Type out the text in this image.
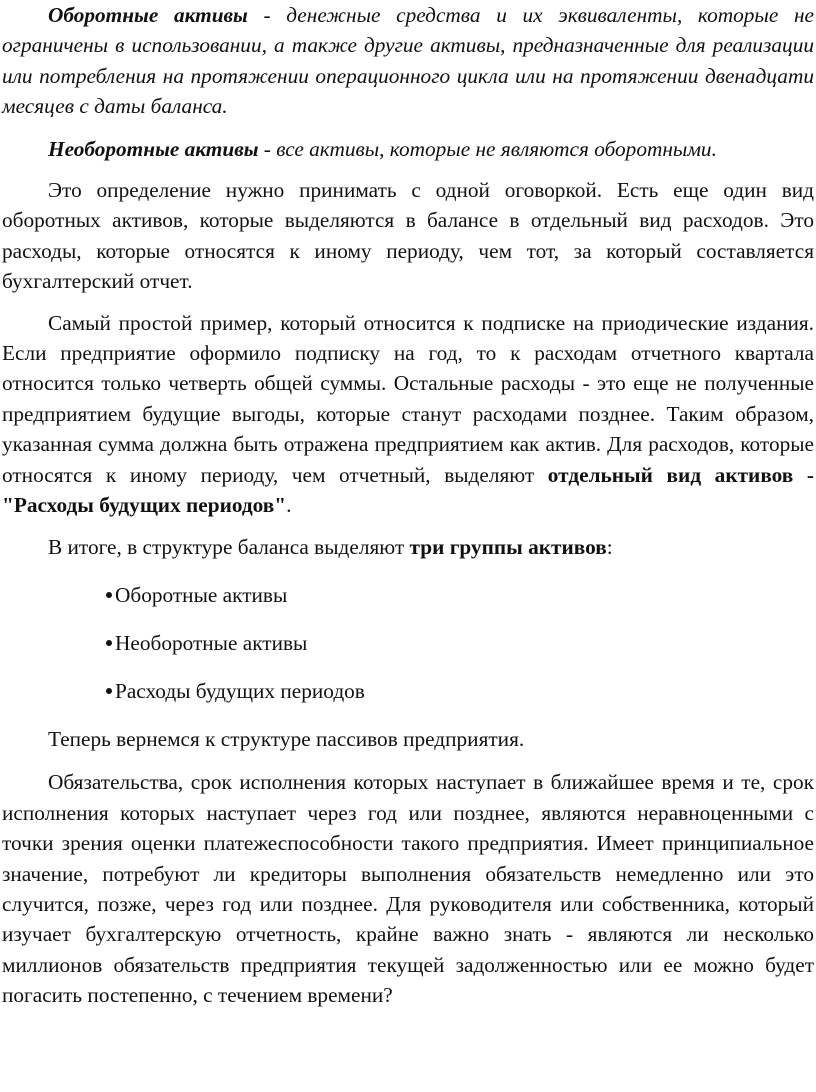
Оборотные активы - денежные средства и их эквиваленты, которые не ограничены в использовании, а также другие активы, предназначенные для реализации или потребления на протяжении операционного цикла или на протяжении двенадцати месяцев с даты баланса.

Необоротные активы - все активы, которые не являются оборотными.

Это определение нужно принимать с одной оговоркой. Есть еще один вид оборотных активов, которые выделяются в балансе в отдельный вид расходов. Это расходы, которые относятся к иному периоду, чем тот, за который составляется бухгалтерский отчет.

Самый простой пример, который относится к подписке на приодические издания. Если предприятие оформило подписку на год, то к расходам отчетного квартала относится только четверть общей суммы. Остальные расходы - это еще не полученные предприятием будущие выгоды, которые станут расходами позднее. Таким образом, указанная сумма должна быть отражена предприятием как актив. Для расходов, которые относятся к иному периоду, чем отчетный, выделяют отдельный вид активов - "Расходы будущих периодов".

В итоге, в структуре баланса выделяют три группы активов:

Оборотные активы
Необоротные активы
Расходы будущих периодов

Теперь вернемся к структуре пассивов предприятия.

Обязательства, срок исполнения которых наступает в ближайшее время и те, срок исполнения которых наступает через год или позднее, являются неравноценными с точки зрения оценки платежеспособности такого предприятия. Имеет принципиальное значение, потребуют ли кредиторы выполнения обязательств немедленно или это случится, позже, через год или позднее. Для руководителя или собственника, который изучает бухгалтерскую отчетность, крайне важно знать - являются ли несколько миллионов обязательств предприятия текущей задолженностью или ее можно будет погасить постепенно, с течением времени?
